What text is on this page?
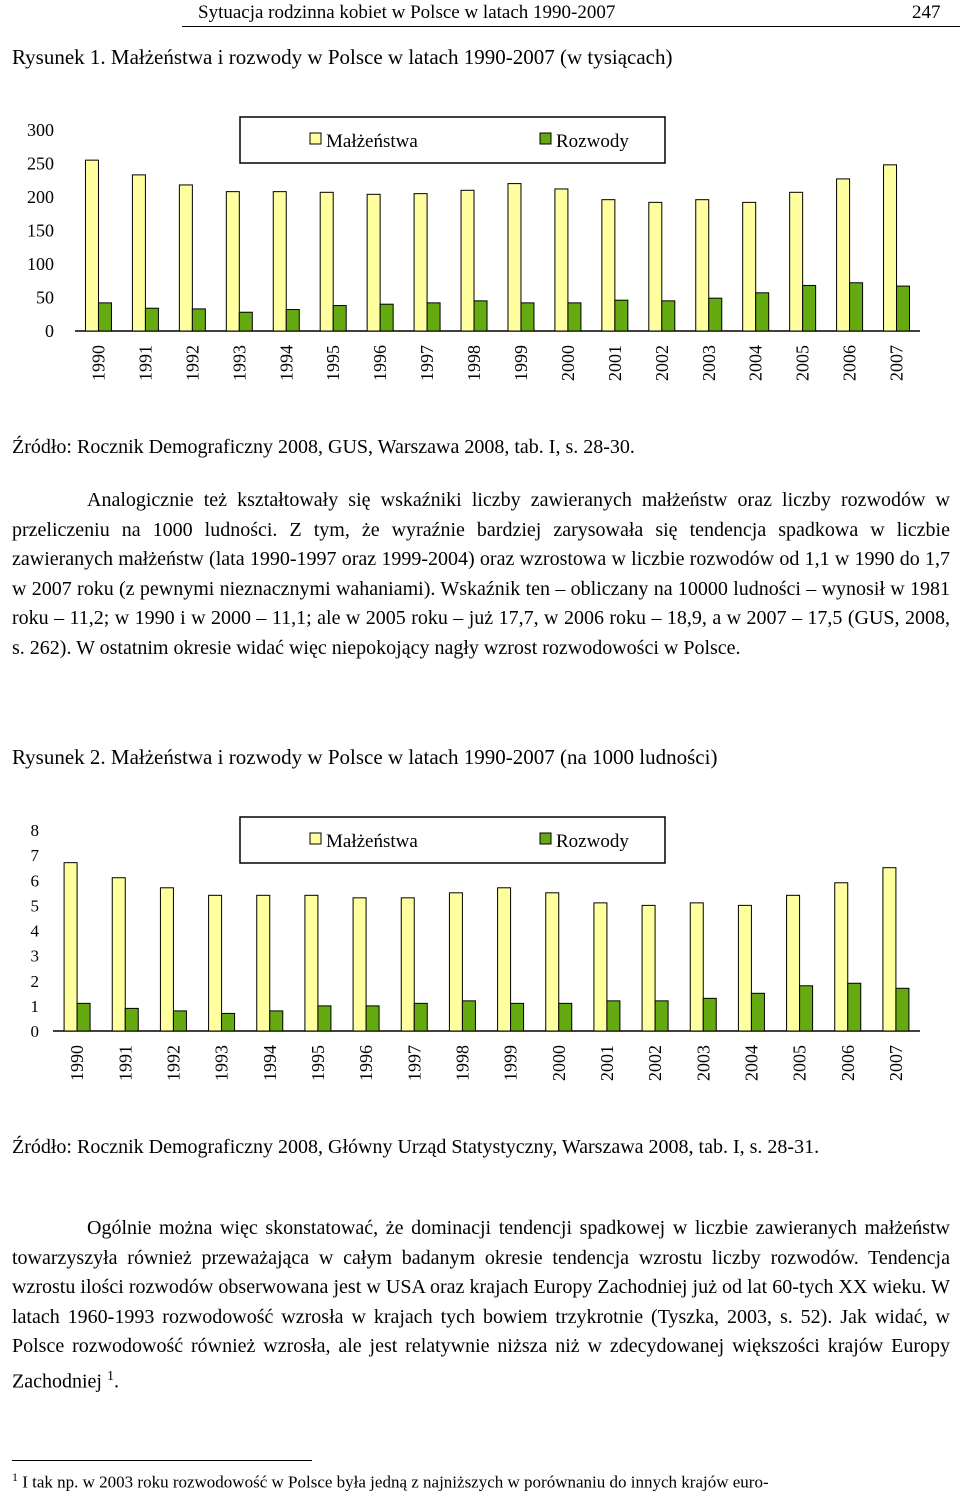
Sytuacja rodzinna kobiet w Polsce w latach 1990-2007	247
Rysunek 1. Małżeństwa i rozwody w Polsce w latach 1990-2007 (w tysiącach)
0
50
100
150
200
250
300
1990 1991 1992 1993 1994 1995 1996 1997 1998 1999 2000 2001 2002 2003 2004 2005 2006 2007
Małżeństwa	Rozwody
Źródło: Rocznik Demograficzny 2008, GUS, Warszawa 2008, tab. I, s. 28-30.

Analogicznie też kształtowały się wskaźniki liczby zawieranych małżeństw oraz liczby rozwodów w przeliczeniu na 1000 ludności. Z tym, że wyraźnie bardziej zarysowała się tendencja spadkowa w liczbie zawieranych małżeństw (lata 1990-1997 oraz 1999-2004) oraz wzrostowa w liczbie rozwodów od 1,1 w 1990 do 1,7 w 2007 roku (z pewnymi nieznacznymi wahaniami). Wskaźnik ten – obliczany na 10000 ludności – wynosił w 1981 roku – 11,2; w 1990 i w 2000 – 11,1; ale w 2005 roku – już 17,7, w 2006 roku – 18,9, a w 2007 – 17,5 (GUS, 2008, s. 262). W ostatnim okresie widać więc niepokojący nagły wzrost rozwodowości w Polsce.

Rysunek 2. Małżeństwa i rozwody w Polsce w latach 1990-2007 (na 1000 ludności)
0
1
2
3
4
5
6
7
8
1990 1991 1992 1993 1994 1995 1996 1997 1998 1999 2000 2001 2002 2003 2004 2005 2006 2007
Małżeństwa	Rozwody
Źródło: Rocznik Demograficzny 2008, Główny Urząd Statystyczny, Warszawa 2008, tab. I, s. 28-31.

Ogólnie można więc skonstatować, że dominacji tendencji spadkowej w liczbie zawieranych małżeństw towarzyszyła również przeważająca w całym badanym okresie tendencja wzrostu liczby rozwodów. Tendencja wzrostu ilości rozwodów obserwowana jest w USA oraz krajach Europy Zachodniej już od lat 60-tych XX wieku. W latach 1960-1993 rozwodowość wzrosła w krajach tych bowiem trzykrotnie (Tyszka, 2003, s. 52). Jak widać, w Polsce rozwodowość również wzrosła, ale jest relatywnie niższa niż w zdecydowanej większości krajów Europy Zachodniej $^1$.

$^1$ I tak np. w 2003 roku rozwodowość w Polsce była jedną z najniższych w porównaniu do innych krajów euro-
